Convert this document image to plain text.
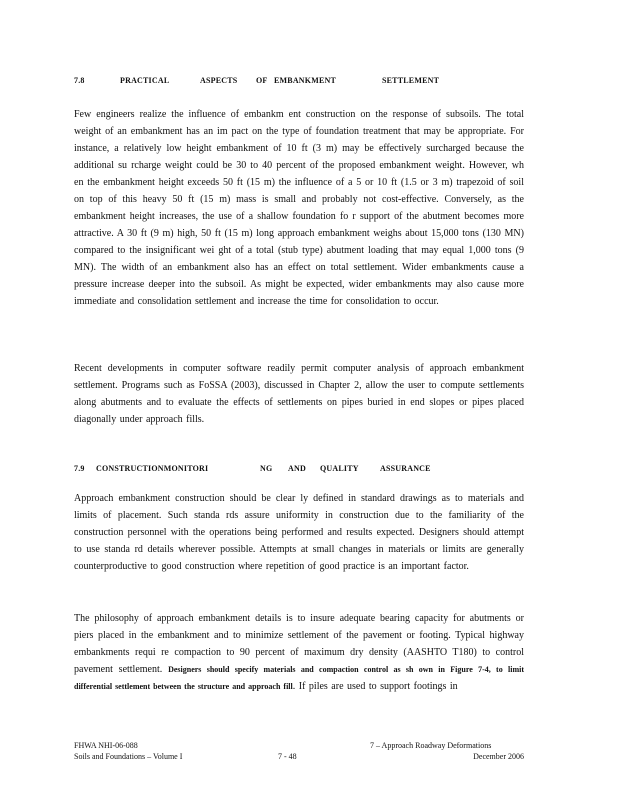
7.8	PRACTICAL	ASPECTS	OF EMBANKMENT	SETTLEMENT

Few engineers realize the influence of embankm ent construction on the response of subsoils. The total weight of an embankment has an im pact on the type of foundation treatment that may be appropriate. For instance, a relatively low height embankment of 10 ft (3 m) may be effectively surcharged because the additional su rcharge weight could be 30 to 40 percent of the proposed embankment weight. However, wh en the embankment height exceeds 50 ft (15 m) the influence of a 5 or 10 ft (1.5 or 3 m) trapezoid of soil on top of this heavy 50 ft (15 m) mass is small and probably not cost-effective. Conversely, as the embankment height increases, the use of a shallow foundation fo r support of the abutment becomes more attractive. A 30 ft (9 m) high, 50 ft (15 m) long approach embankment weighs about 15,000 tons (130 MN) compared to the insignificant wei ght of a total (stub type) abutment loading that may equal 1,000 tons (9 MN). The width of an embankment also has an effect on total settlement. Wider embankments cause a pressure increase deeper into the subsoil. As might be expected, wider embankments may also cause more immediate and consolidation settlement and increase the time for consolidation to occur.

Recent developments in computer software readily permit computer analysis of approach embankment settlement. Programs such as FoSSA (2003), discussed in Chapter 2, allow the user to compute settlements along abutments and to evaluate the effects of settlements on pipes buried in end slopes or pipes placed diagonally under approach fills.

7.9	CONSTRUCTIONMONITORI	NG	AND	QUALITY	ASSURANCE

Approach embankment construction should be clear ly defined in standard drawings as to materials and limits of placement. Such standa rds assure uniformity in construction due to the familiarity of the construction personnel with the operations being performed and results expected. Designers should attempt to use standa rd details wherever possible. Attempts at small changes in materials or limits are generally counterproductive to good construction where repetition of good practice is an important factor.

The philosophy of approach embankment details is to insure adequate bearing capacity for abutments or piers placed in the embankment and to minimize settlement of the pavement or footing. Typical highway embankments requi re compaction to 90 percent of maximum dry density (AASHTO T180) to control pavement settlement. Designers should specify materials and compaction control as sh own in Figure 7-4, to limit differential settlement between the structure and approach fill. If piles are used to support footings in

FHWA NHI-06-088
Soils and Foundations – Volume I	7 - 48
7 – Approach Roadway Deformations
December 2006
